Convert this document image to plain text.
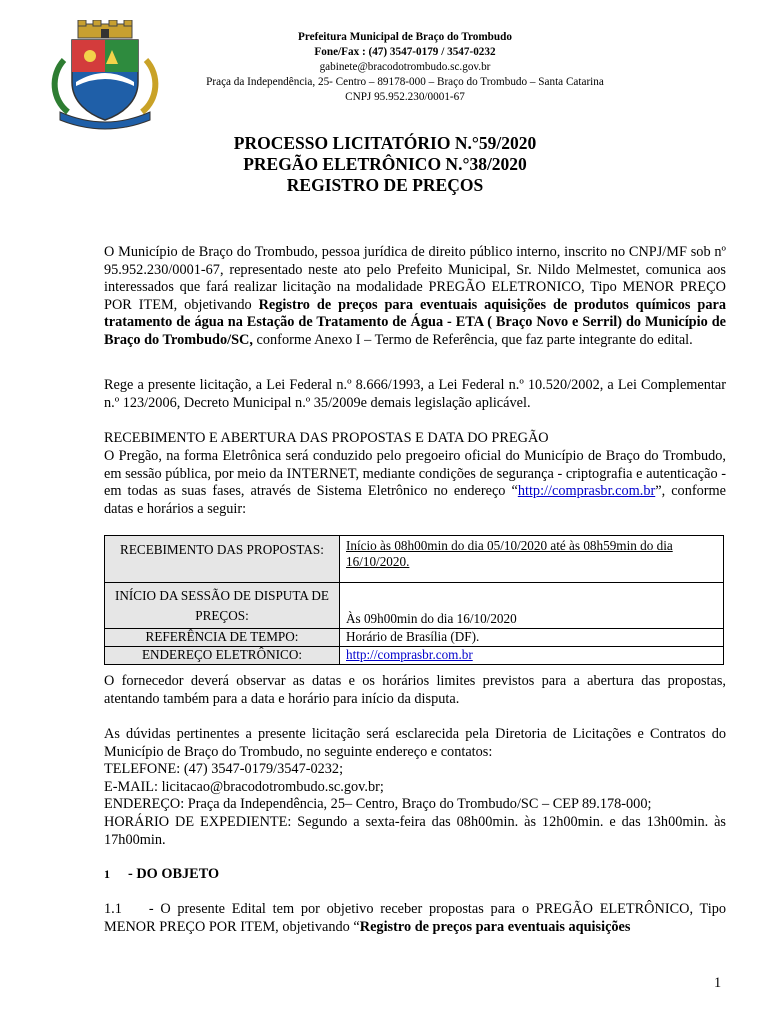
Prefeitura Municipal de Braço do Trombudo
Fone/Fax : (47) 3547-0179 / 3547-0232
gabinete@bracodotrombudo.sc.gov.br
Praça da Independência, 25- Centro – 89178-000 – Braço do Trombudo – Santa Catarina
CNPJ 95.952.230/0001-67
PROCESSO LICITATÓRIO N.°59/2020
PREGÃO ELETRÔNICO N.°38/2020
REGISTRO DE PREÇOS
O Município de Braço do Trombudo, pessoa jurídica de direito público interno, inscrito no CNPJ/MF sob nº 95.952.230/0001-67, representado neste ato pelo Prefeito Municipal, Sr. Nildo Melmestet, comunica aos interessados que fará realizar licitação na modalidade PREGÃO ELETRONICO, Tipo MENOR PREÇO POR ITEM, objetivando Registro de preços para eventuais aquisições de produtos químicos para tratamento de água na Estação de Tratamento de Água - ETA ( Braço Novo e Serril) do Município de Braço do Trombudo/SC, conforme Anexo I – Termo de Referência, que faz parte integrante do edital.
Rege a presente licitação, a Lei Federal n.º 8.666/1993, a Lei Federal n.º 10.520/2002, a Lei Complementar n.º 123/2006, Decreto Municipal n.º 35/2009e demais legislação aplicável.
RECEBIMENTO E ABERTURA DAS PROPOSTAS E DATA DO PREGÃO
O Pregão, na forma Eletrônica será conduzido pelo pregoeiro oficial do Município de Braço do Trombudo, em sessão pública, por meio da INTERNET, mediante condições de segurança - criptografia e autenticação - em todas as suas fases, através de Sistema Eletrônico no endereço “http://comprasbr.com.br”, conforme datas e horários a seguir:
RECEBIMENTO DAS PROPOSTAS:	Início às 08h00min do dia 05/10/2020 até às 08h59min do dia 16/10/2020.
INÍCIO DA SESSÃO DE DISPUTA DE PREÇOS:	Às 09h00min do dia 16/10/2020
REFERÊNCIA DE TEMPO:	Horário de Brasília (DF).
ENDEREÇO ELETRÔNICO:	http://comprasbr.com.br
O fornecedor deverá observar as datas e os horários limites previstos para a abertura das propostas, atentando também para a data e horário para início da disputa.
As dúvidas pertinentes a presente licitação será esclarecida pela Diretoria de Licitações e Contratos do Município de Braço do Trombudo, no seguinte endereço e contatos:
TELEFONE: (47) 3547-0179/3547-0232;
E-MAIL: licitacao@bracodotrombudo.sc.gov.br;
ENDEREÇO: Praça da Independência, 25– Centro, Braço do Trombudo/SC – CEP 89.178-000;
HORÁRIO DE EXPEDIENTE: Segundo a sexta-feira das 08h00min. às 12h00min. e das 13h00min. às 17h00min.
1 - DO OBJETO
1.1    - O presente Edital tem por objetivo receber propostas para o PREGÃO ELETRÔNICO, Tipo MENOR PREÇO POR ITEM, objetivando “Registro de preços para eventuais aquisições
1
